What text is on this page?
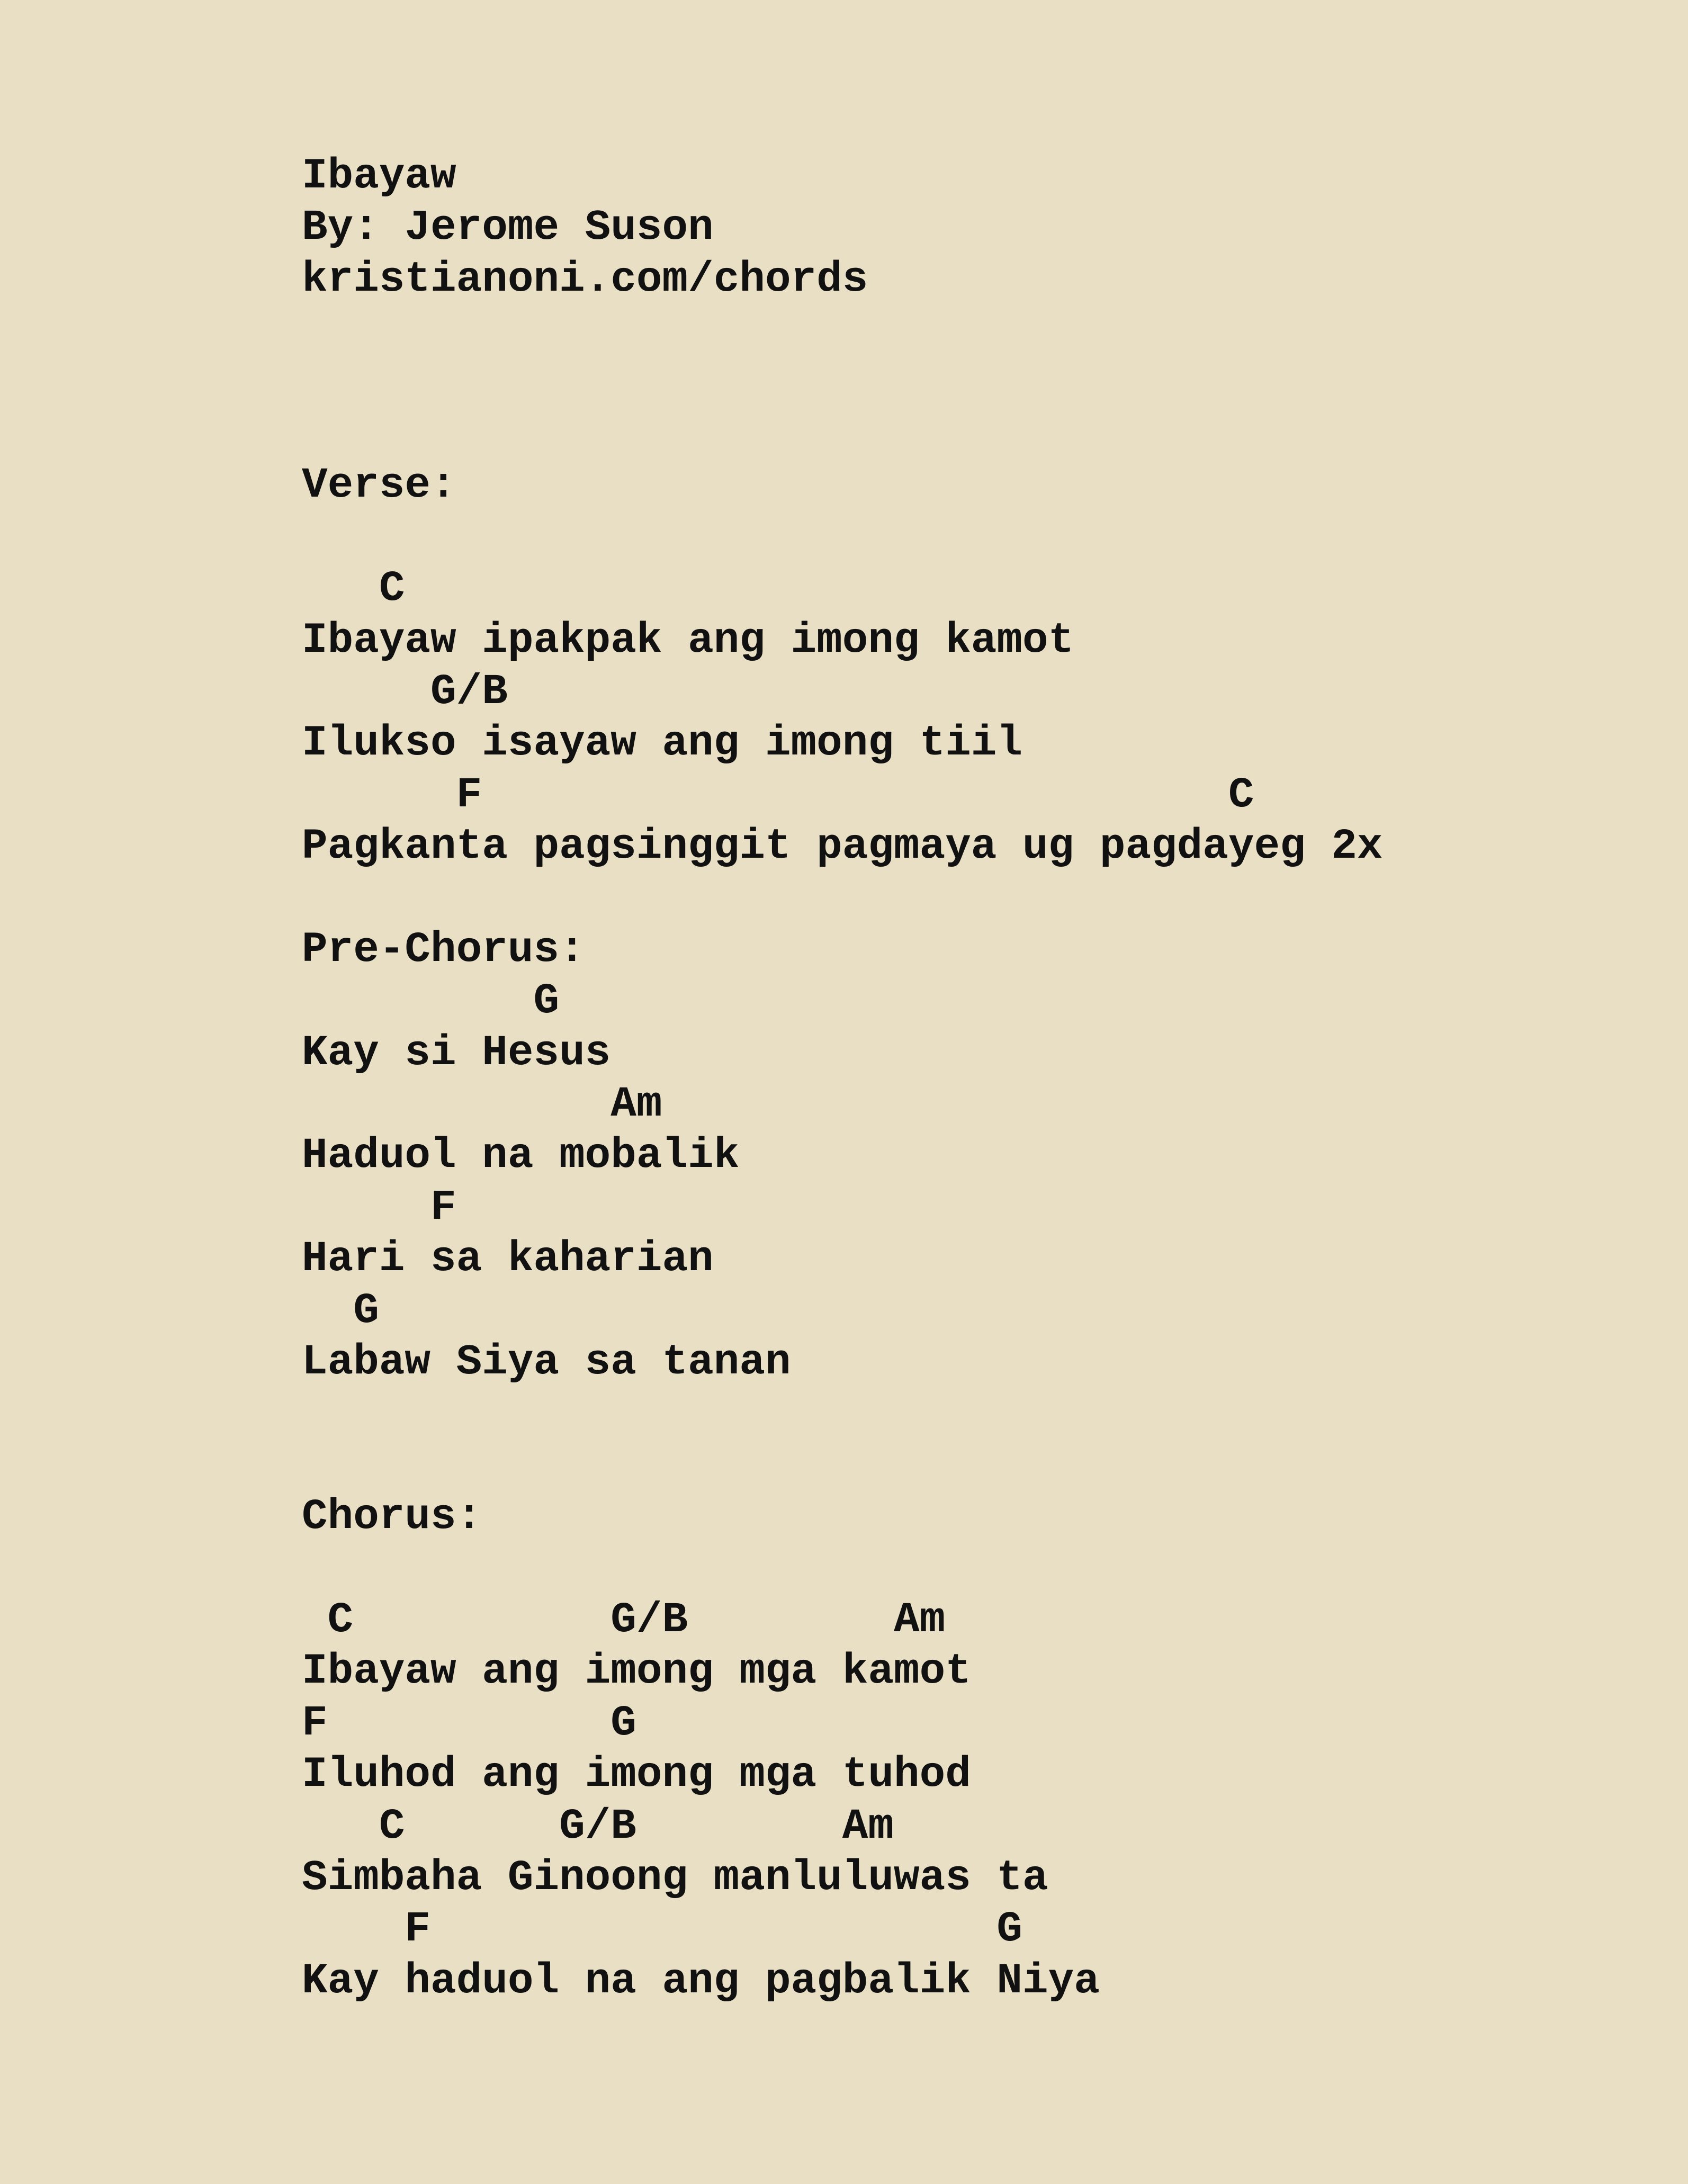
Ibayaw
By: Jerome Suson
kristianoni.com/chords
Verse:
C
Ibayaw ipakpak ang imong kamot
G/B
Ilukso isayaw ang imong tiil
F                             C
Pagkanta pagsinggit pagmaya ug pagdayeg 2x
Pre-Chorus:
G
Kay si Hesus
Am
Haduol na mobalik
F
Hari sa kaharian
G
Labaw Siya sa tanan
Chorus:
C          G/B        Am
Ibayaw ang imong mga kamot
F           G
Iluhod ang imong mga tuhod
C      G/B        Am
Simbaha Ginoong manluluwas ta
F                      G
Kay haduol na ang pagbalik Niya
